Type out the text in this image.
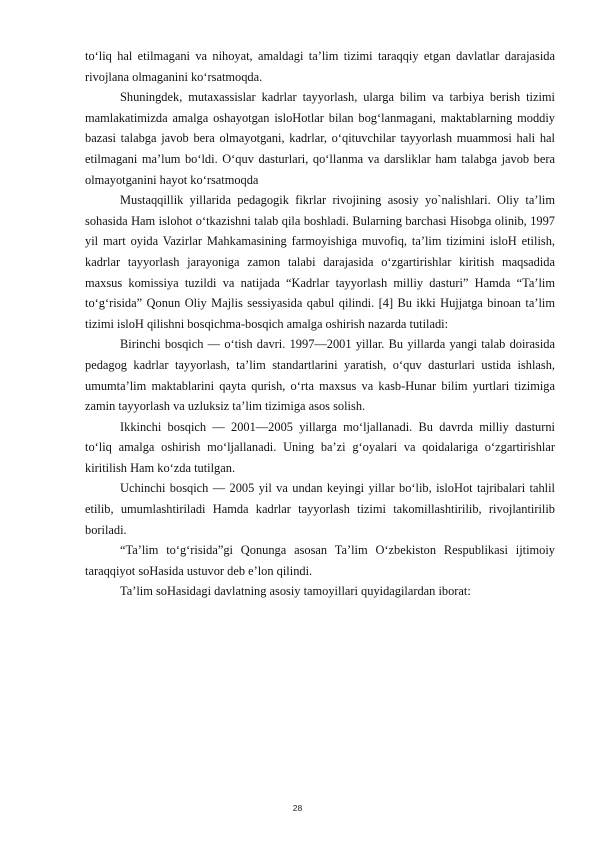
to‘liq hal etilmagani va nihoyat, amaldagi ta’lim tizimi taraqqiy etgan davlatlar darajasida rivojlana olmaganini ko‘rsatmoqda.

Shuningdek, mutaxassislar kadrlar tayyorlash, ularga bilim va tarbiya berish tizimi mamlakatimizda amalga oshayotgan isloHotlar bilan bog‘lanmagani, maktablarning moddiy bazasi talabga javob bera olmayotgani, kadrlar, o‘qituvchilar tayyorlash muammosi hali hal etilmagani ma’lum bo‘ldi. O‘quv dasturlari, qo‘llanma va darsliklar ham talabga javob bera olmayotganini hayot ko‘rsatmoqda

Mustaqqillik yillarida pedagogik fikrlar rivojining asosiy yo`nalishlari. Oliy ta’lim sohasida Ham islohot o‘tkazishni talab qila boshladi. Bularning barchasi Hisobga olinib, 1997 yil mart oyida Vazirlar Mahkamasining farmoyishiga muvofiq, ta’lim tizimini isloH etilish, kadrlar tayyorlash jarayoniga zamon talabi darajasida o‘zgartirishlar kiritish maqsadida maxsus komissiya tuzildi va natijada “Kadrlar tayyorlash milliy dasturi” Hamda “Ta’lim to‘g‘risida” Qonun Oliy Majlis sessiyasida qabul qilindi. [4] Bu ikki Hujjatga binoan ta’lim tizimi isloH qilishni bosqichma-bosqich amalga oshirish nazarda tutiladi:

Birinchi bosqich — o‘tish davri. 1997—2001 yillar. Bu yillarda yangi talab doirasida pedagog kadrlar tayyorlash, ta’lim standartlarini yaratish, o‘quv dasturlari ustida ishlash, umumta’lim maktablarini qayta qurish, o‘rta maxsus va kasb-Hunar bilim yurtlari tizimiga zamin tayyorlash va uzluksiz ta’lim tizimiga asos solish.

Ikkinchi bosqich — 2001—2005 yillarga mo‘ljallanadi. Bu davrda milliy dasturni to‘liq amalga oshirish mo‘ljallanadi. Uning ba’zi g‘oyalari va qoidalariga o‘zgartirishlar kiritilish Ham ko‘zda tutilgan.

Uchinchi bosqich — 2005 yil va undan keyingi yillar bo‘lib, isloHot tajribalari tahlil etilib, umumlashtiriladi Hamda kadrlar tayyorlash tizimi takomillashtirilib, rivojlantirilib boriladi.

“Ta’lim to‘g‘risida”gi Qonunga asosan Ta’lim O‘zbekiston Respublikasi ijtimoiy taraqqiyot soHasida ustuvor deb e’lon qilindi.

Ta’lim soHasidagi davlatning asosiy tamoyillari quyidagilardan iborat:

28
